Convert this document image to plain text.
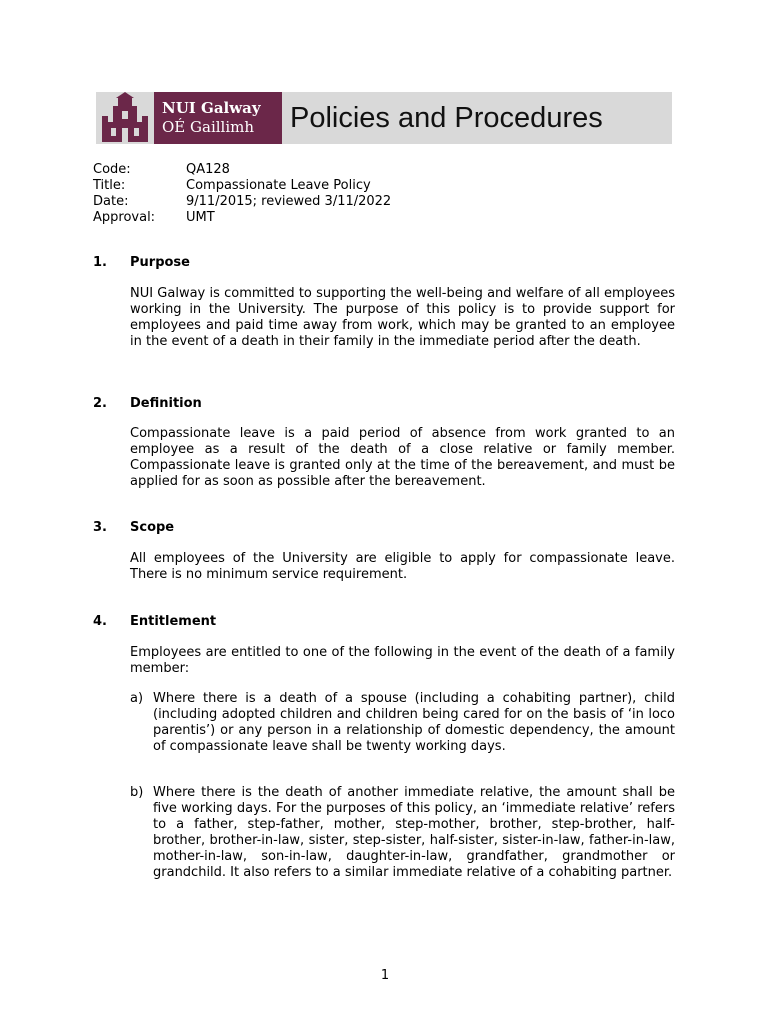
NUI Galway
OÉ Gaillimh Policies and Procedures
Code:	QA128
Title:	Compassionate Leave Policy
Date:	9/11/2015; reviewed 3/11/2022
Approval:	UMT
1.	Purpose
NUI Galway is committed to supporting the well-being and welfare of all employees working in the University. The purpose of this policy is to provide support for employees and paid time away from work, which may be granted to an employee in the event of a death in their family in the immediate period after the death.
2.	Definition
Compassionate leave is a paid period of absence from work granted to an employee as a result of the death of a close relative or family member. Compassionate leave is granted only at the time of the bereavement, and must be applied for as soon as possible after the bereavement.
3.	Scope
All employees of the University are eligible to apply for compassionate leave. There is no minimum service requirement.
4.	Entitlement
Employees are entitled to one of the following in the event of the death of a family member:
a) Where there is a death of a spouse (including a cohabiting partner), child (including adopted children and children being cared for on the basis of ‘in loco parentis’) or any person in a relationship of domestic dependency, the amount of compassionate leave shall be twenty working days.
b) Where there is the death of another immediate relative, the amount shall be five working days. For the purposes of this policy, an ‘immediate relative’ refers to a father, step-father, mother, step-mother, brother, step-brother, half-brother, brother-in-law, sister, step-sister, half-sister, sister-in-law, father-in-law, mother-in-law, son-in-law, daughter-in-law, grandfather, grandmother or grandchild. It also refers to a similar immediate relative of a cohabiting partner.
1
